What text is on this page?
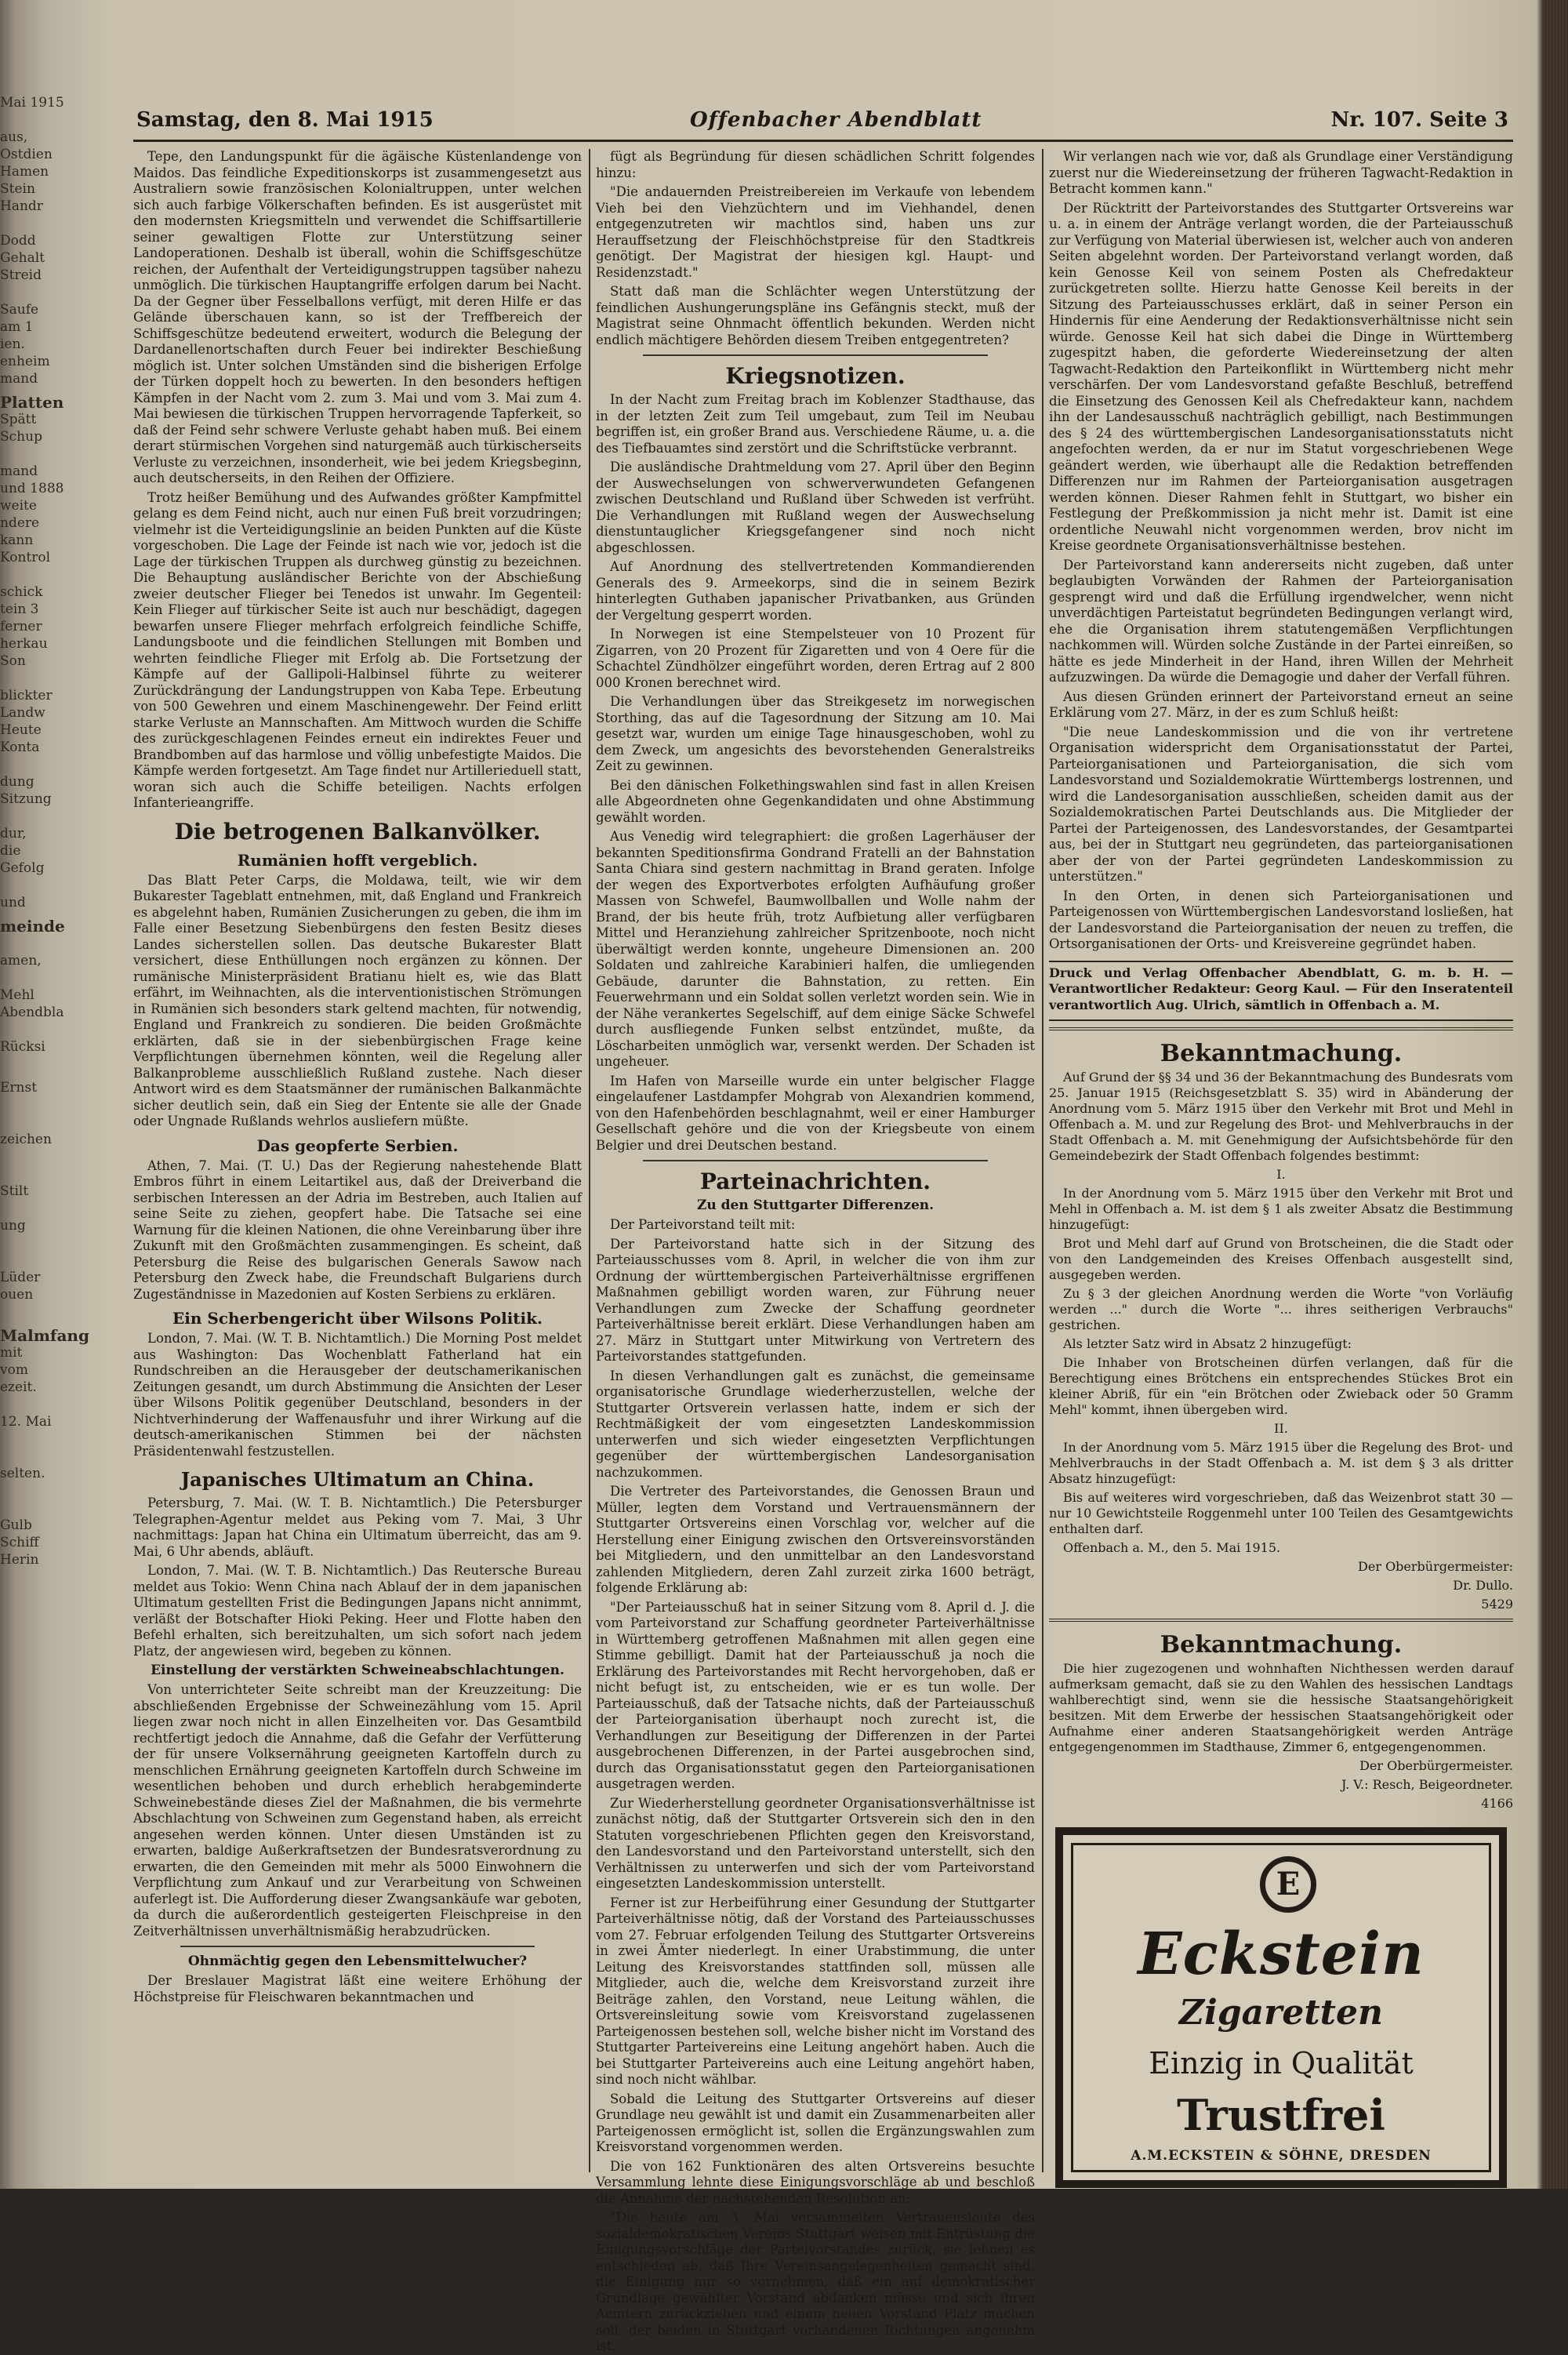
Mai 1915

aus,
Ostdien
Hamen
Stein
Handr

Dodd
Gehalt
Streid

Saufe
am 1
ien.
enheim
mand
Platten
Spätt
Schup

mand
und 1888
weite
ndere
kann
Kontrol

schick
tein 3
ferner
herkau
Son

blickter
Landw
Heute
Konta

dung
Sitzung

dur,
die
Gefolg

und
meinde

amen,

Mehl
Abendbla

Rücksi

Ernst

zeichen

Stilt

ung

Lüder
ouen

Malmfang
mit
vom
ezeit.

12. Mai

selten.

Gulb
Schiff
Herin
Samstag, den 8. Mai 1915	Offenbacher Abendblatt	Nr. 107. Seite 3

Tepe, den Landungspunkt für die ägäische Küstenlandenge von Maidos. Das feindliche Expeditionskorps ist zusammengesetzt aus Australiern sowie französischen Kolonialtruppen, unter welchen sich auch farbige Völkerschaften befinden. Es ist ausgerüstet mit den modernsten Kriegsmitteln und verwendet die Schiffsartillerie seiner gewaltigen Flotte zur Unterstützung seiner Landoperationen. Deshalb ist überall, wohin die Schiffsgeschütze reichen, der Aufenthalt der Verteidigungstruppen tagsüber nahezu unmöglich. Die türkischen Hauptangriffe erfolgen darum bei Nacht. Da der Gegner über Fesselballons verfügt, mit deren Hilfe er das Gelände überschauen kann, so ist der Treffbereich der Schiffsgeschütze bedeutend erweitert, wodurch die Belegung der Dardanellenortschaften durch Feuer bei indirekter Beschießung möglich ist. Unter solchen Umständen sind die bisherigen Erfolge der Türken doppelt hoch zu bewerten. In den besonders heftigen Kämpfen in der Nacht vom 2. zum 3. Mai und vom 3. Mai zum 4. Mai bewiesen die türkischen Truppen hervorragende Tapferkeit, so daß der Feind sehr schwere Verluste gehabt haben muß. Bei einem derart stürmischen Vorgehen sind naturgemäß auch türkischerseits Verluste zu verzeichnen, insonderheit, wie bei jedem Kriegsbeginn, auch deutscherseits, in den Reihen der Offiziere.

Trotz heißer Bemühung und des Aufwandes größter Kampfmittel gelang es dem Feind nicht, auch nur einen Fuß breit vorzudringen; vielmehr ist die Verteidigungslinie an beiden Punkten auf die Küste vorgeschoben. Die Lage der Feinde ist nach wie vor, jedoch ist die Lage der türkischen Truppen als durchweg günstig zu bezeichnen. Die Behauptung ausländischer Berichte von der Abschießung zweier deutscher Flieger bei Tenedos ist unwahr. Im Gegenteil: Kein Flieger auf türkischer Seite ist auch nur beschädigt, dagegen bewarfen unsere Flieger mehrfach erfolgreich feindliche Schiffe, Landungsboote und die feindlichen Stellungen mit Bomben und wehrten feindliche Flieger mit Erfolg ab. Die Fortsetzung der Kämpfe auf der Gallipoli-Halbinsel führte zu weiterer Zurückdrängung der Landungstruppen von Kaba Tepe. Erbeutung von 500 Gewehren und einem Maschinengewehr. Der Feind erlitt starke Verluste an Mannschaften. Am Mittwoch wurden die Schiffe des zurückgeschlagenen Feindes erneut ein indirektes Feuer und Brandbomben auf das harmlose und völlig unbefestigte Maidos. Die Kämpfe werden fortgesetzt. Am Tage findet nur Artillerieduell statt, woran sich auch die Schiffe beteiligen. Nachts erfolgen Infanterieangriffe.

Die betrogenen Balkanvölker.
Rumänien hofft vergeblich.

Das Blatt Peter Carps, die Moldawa, teilt, wie wir dem Bukarester Tageblatt entnehmen, mit, daß England und Frankreich es abgelehnt haben, Rumänien Zusicherungen zu geben, die ihm im Falle einer Besetzung Siebenbürgens den festen Besitz dieses Landes sicherstellen sollen. Das deutsche Bukarester Blatt versichert, diese Enthüllungen noch ergänzen zu können. Der rumänische Ministerpräsident Bratianu hielt es, wie das Blatt erfährt, im Weihnachten, als die interventionistischen Strömungen in Rumänien sich besonders stark geltend machten, für notwendig, England und Frankreich zu sondieren. Die beiden Großmächte erklärten, daß sie in der siebenbürgischen Frage keine Verpflichtungen übernehmen könnten, weil die Regelung aller Balkanprobleme ausschließlich Rußland zustehe. Nach dieser Antwort wird es dem Staatsmänner der rumänischen Balkanmächte sicher deutlich sein, daß ein Sieg der Entente sie alle der Gnade oder Ungnade Rußlands wehrlos ausliefern müßte.

Das geopferte Serbien.

Athen, 7. Mai. (T. U.) Das der Regierung nahestehende Blatt Embros führt in einem Leitartikel aus, daß der Dreiverband die serbischen Interessen an der Adria im Bestreben, auch Italien auf seine Seite zu ziehen, geopfert habe. Die Tatsache sei eine Warnung für die kleinen Nationen, die ohne Vereinbarung über ihre Zukunft mit den Großmächten zusammengingen. Es scheint, daß Petersburg die Reise des bulgarischen Generals Sawow nach Petersburg den Zweck habe, die Freundschaft Bulgariens durch Zugeständnisse in Mazedonien auf Kosten Serbiens zu erklären.

Ein Scherbengericht über Wilsons Politik.

London, 7. Mai. (W. T. B. Nichtamtlich.) Die Morning Post meldet aus Washington: Das Wochenblatt Fatherland hat ein Rundschreiben an die Herausgeber der deutschamerikanischen Zeitungen gesandt, um durch Abstimmung die Ansichten der Leser über Wilsons Politik gegenüber Deutschland, besonders in der Nichtverhinderung der Waffenausfuhr und ihrer Wirkung auf die deutsch-amerikanischen Stimmen bei der nächsten Präsidentenwahl festzustellen.

Japanisches Ultimatum an China.

Petersburg, 7. Mai. (W. T. B. Nichtamtlich.) Die Petersburger Telegraphen-Agentur meldet aus Peking vom 7. Mai, 3 Uhr nachmittags: Japan hat China ein Ultimatum überreicht, das am 9. Mai, 6 Uhr abends, abläuft.

London, 7. Mai. (W. T. B. Nichtamtlich.) Das Reutersche Bureau meldet aus Tokio: Wenn China nach Ablauf der in dem japanischen Ultimatum gestellten Frist die Bedingungen Japans nicht annimmt, verläßt der Botschafter Hioki Peking. Heer und Flotte haben den Befehl erhalten, sich bereitzuhalten, um sich sofort nach jedem Platz, der angewiesen wird, begeben zu können.

Einstellung der verstärkten Schweineabschlachtungen.

Von unterrichteter Seite schreibt man der Kreuzzeitung: Die abschließenden Ergebnisse der Schweinezählung vom 15. April liegen zwar noch nicht in allen Einzelheiten vor. Das Gesamtbild rechtfertigt jedoch die Annahme, daß die Gefahr der Verfütterung der für unsere Volksernährung geeigneten Kartoffeln durch zu menschlichen Ernährung geeigneten Kartoffeln durch Schweine im wesentlichen behoben und durch erheblich herabgeminderte Schweinebestände dieses Ziel der Maßnahmen, die bis vermehrte Abschlachtung von Schweinen zum Gegenstand haben, als erreicht angesehen werden können. Unter diesen Umständen ist zu erwarten, baldige Außerkraftsetzen der Bundesratsverordnung zu erwarten, die den Gemeinden mit mehr als 5000 Einwohnern die Verpflichtung zum Ankauf und zur Verarbeitung von Schweinen auferlegt ist. Die Aufforderung dieser Zwangsankäufe war geboten, da durch die außerordentlich gesteigerten Fleischpreise in den Zeitverhältnissen unverhältnismäßig herabzudrücken.

Ohnmächtig gegen den Lebensmittelwucher?

Der Breslauer Magistrat läßt eine weitere Erhöhung der Höchstpreise für Fleischwaren bekanntmachen und

fügt als Begründung für diesen schädlichen Schritt folgendes hinzu:

"Die andauernden Preistreibereien im Verkaufe von lebendem Vieh bei den Viehzüchtern und im Viehhandel, denen entgegenzutreten wir machtlos sind, haben uns zur Herauffsetzung der Fleischhöchstpreise für den Stadtkreis genötigt. Der Magistrat der hiesigen kgl. Haupt- und Residenzstadt."

Statt daß man die Schlächter wegen Unterstützung der feindlichen Aushungerungspläne ins Gefängnis steckt, muß der Magistrat seine Ohnmacht öffentlich bekunden. Werden nicht endlich mächtigere Behörden diesem Treiben entgegentreten?

Kriegsnotizen.

In der Nacht zum Freitag brach im Koblenzer Stadthause, das in der letzten Zeit zum Teil umgebaut, zum Teil im Neubau begriffen ist, ein großer Brand aus. Verschiedene Räume, u. a. die des Tiefbauamtes sind zerstört und die Schriftstücke verbrannt.

Die ausländische Drahtmeldung vom 27. April über den Beginn der Auswechselungen von schwerverwundeten Gefangenen zwischen Deutschland und Rußland über Schweden ist verfrüht. Die Verhandlungen mit Rußland wegen der Auswechselung dienstuntauglicher Kriegsgefangener sind noch nicht abgeschlossen.

Auf Anordnung des stellvertretenden Kommandierenden Generals des 9. Armeekorps, sind die in seinem Bezirk hinterlegten Guthaben japanischer Privatbanken, aus Gründen der Vergeltung gesperrt worden.

In Norwegen ist eine Stempelsteuer von 10 Prozent für Zigarren, von 20 Prozent für Zigaretten und von 4 Oere für die Schachtel Zündhölzer eingeführt worden, deren Ertrag auf 2 800 000 Kronen berechnet wird.

Die Verhandlungen über das Streikgesetz im norwegischen Storthing, das auf die Tagesordnung der Sitzung am 10. Mai gesetzt war, wurden um einige Tage hinausgeschoben, wohl zu dem Zweck, um angesichts des bevorstehenden Generalstreiks Zeit zu gewinnen.

Bei den dänischen Folkethingswahlen sind fast in allen Kreisen alle Abgeordneten ohne Gegenkandidaten und ohne Abstimmung gewählt worden.

Aus Venedig wird telegraphiert: die großen Lagerhäuser der bekannten Speditionsfirma Gondrand Fratelli an der Bahnstation Santa Chiara sind gestern nachmittag in Brand geraten. Infolge der wegen des Exportverbotes erfolgten Aufhäufung großer Massen von Schwefel, Baumwollballen und Wolle nahm der Brand, der bis heute früh, trotz Aufbietung aller verfügbaren Mittel und Heranziehung zahlreicher Spritzenboote, noch nicht überwältigt werden konnte, ungeheure Dimensionen an. 200 Soldaten und zahlreiche Karabinieri halfen, die umliegenden Gebäude, darunter die Bahnstation, zu retten. Ein Feuerwehrmann und ein Soldat sollen verletzt worden sein. Wie in der Nähe verankertes Segelschiff, auf dem einige Säcke Schwefel durch ausfliegende Funken selbst entzündet, mußte, da Löscharbeiten unmöglich war, versenkt werden. Der Schaden ist ungeheuer.

Im Hafen von Marseille wurde ein unter belgischer Flagge eingelaufener Lastdampfer Mohgrab von Alexandrien kommend, von den Hafenbehörden beschlagnahmt, weil er einer Hamburger Gesellschaft gehöre und die von der Kriegsbeute von einem Belgier und drei Deutschen bestand.

Parteinachrichten.
Zu den Stuttgarter Differenzen.

Der Parteivorstand teilt mit:

Der Parteivorstand hatte sich in der Sitzung des Parteiausschusses vom 8. April, in welcher die von ihm zur Ordnung der württembergischen Parteiverhältnisse ergriffenen Maßnahmen gebilligt worden waren, zur Führung neuer Verhandlungen zum Zwecke der Schaffung geordneter Parteiverhältnisse bereit erklärt. Diese Verhandlungen haben am 27. März in Stuttgart unter Mitwirkung von Vertretern des Parteivorstandes stattgefunden.

In diesen Verhandlungen galt es zunächst, die gemeinsame organisatorische Grundlage wiederherzustellen, welche der Stuttgarter Ortsverein verlassen hatte, indem er sich der Rechtmäßigkeit der vom eingesetzten Landeskommission unterwerfen und sich wieder eingesetzten Verpflichtungen gegenüber der württembergischen Landesorganisation nachzukommen.

Die Vertreter des Parteivorstandes, die Genossen Braun und Müller, legten dem Vorstand und Vertrauensmännern der Stuttgarter Ortsvereins einen Vorschlag vor, welcher auf die Herstellung einer Einigung zwischen den Ortsvereinsvorständen bei Mitgliedern, und den unmittelbar an den Landesvorstand zahlenden Mitgliedern, deren Zahl zurzeit zirka 1600 beträgt, folgende Erklärung ab:

"Der Parteiausschuß hat in seiner Sitzung vom 8. April d. J. die vom Parteivorstand zur Schaffung geordneter Parteiverhältnisse in Württemberg getroffenen Maßnahmen mit allen gegen eine Stimme gebilligt. Damit hat der Parteiausschuß ja noch die Erklärung des Parteivorstandes mit Recht hervorgehoben, daß er nicht befugt ist, zu entscheiden, wie er es tun wolle. Der Parteiausschuß, daß der Tatsache nichts, daß der Parteiausschuß der Parteiorganisation überhaupt noch zurecht ist, die Verhandlungen zur Beseitigung der Differenzen in der Partei ausgebrochenen Differenzen, in der Partei ausgebrochen sind, durch das Organisationsstatut gegen den Parteiorganisationen ausgetragen werden.

Zur Wiederherstellung geordneter Organisationsverhältnisse ist zunächst nötig, daß der Stuttgarter Ortsverein sich den in den Statuten vorgeschriebenen Pflichten gegen den Kreisvorstand, den Landesvorstand und den Parteivorstand unterstellt, sich den Verhältnissen zu unterwerfen und sich der vom Parteivorstand eingesetzten Landeskommission unterstellt.

Ferner ist zur Herbeiführung einer Gesundung der Stuttgarter Parteiverhältnisse nötig, daß der Vorstand des Parteiausschusses vom 27. Februar erfolgenden Teilung des Stuttgarter Ortsvereins in zwei Ämter niederlegt. In einer Urabstimmung, die unter Leitung des Kreisvorstandes stattfinden soll, müssen alle Mitglieder, auch die, welche dem Kreisvorstand zurzeit ihre Beiträge zahlen, den Vorstand, neue Leitung wählen, die Ortsvereinsleitung sowie vom Kreisvorstand zugelassenen Parteigenossen bestehen soll, welche bisher nicht im Vorstand des Stuttgarter Parteivereins eine Leitung angehört haben. Auch die bei Stuttgarter Parteivereins auch eine Leitung angehört haben, sind noch nicht wählbar.

Sobald die Leitung des Stuttgarter Ortsvereins auf dieser Grundlage neu gewählt ist und damit ein Zusammenarbeiten aller Parteigenossen ermöglicht ist, sollen die Ergänzungswahlen zum Kreisvorstand vorgenommen werden.

Die von 162 Funktionären des alten Ortsvereins besuchte Versammlung lehnte diese Einigungsvorschläge ab und beschloß die Annahme der nachstehenden Resolution an:

"Die heute am 3. Mai versammelten Vertrauensleute des sozialdemokratischen Vereins Stuttgart weisen mit Entrüstung die Einigungsvorschläge der Parteivorstandes zurück, sie lehnen es entschieden ab, daß Ihre Vereinsangelegenheiten gemacht sind, die Einigung nur so vornehmen, daß ein auf demokratischer Grundlage gewählter Vorstand abdanken müsse und sich ihren Aemtern zurückziehen und einem neuen Vorstand Platz machen soll, der beiden in Stuttgart vorhandenen Richtungen angenehm ist.

Wir verlangen nach wie vor, daß als Grundlage einer Verständigung zuerst nur die Wiedereinsetzung der früheren Tagwacht-Redaktion in Betracht kommen kann."

Der Rücktritt der Parteivorstandes des Stuttgarter Ortsvereins war u. a. in einem der Anträge verlangt worden, die der Parteiausschuß zur Verfügung von Material überwiesen ist, welcher auch von anderen Seiten abgelehnt worden. Der Parteivorstand verlangt worden, daß kein Genosse Keil von seinem Posten als Chefredakteur zurückgetreten sollte. Hierzu hatte Genosse Keil bereits in der Sitzung des Parteiausschusses erklärt, daß in seiner Person ein Hindernis für eine Aenderung der Redaktionsverhältnisse nicht sein würde. Genosse Keil hat sich dabei die Dinge in Württemberg zugespitzt haben, die geforderte Wiedereinsetzung der alten Tagwacht-Redaktion den Parteikonflikt in Württemberg nicht mehr verschärfen. Der vom Landesvorstand gefaßte Beschluß, betreffend die Einsetzung des Genossen Keil als Chefredakteur kann, nachdem ihn der Landesausschuß nachträglich gebilligt, nach Bestimmungen des § 24 des württembergischen Landesorganisationsstatuts nicht angefochten werden, da er nur im Statut vorgeschriebenen Wege geändert werden, wie überhaupt alle die Redaktion betreffenden Differenzen nur im Rahmen der Parteiorganisation ausgetragen werden können. Dieser Rahmen fehlt in Stuttgart, wo bisher ein Festlegung der Preßkommission ja nicht mehr ist. Damit ist eine ordentliche Neuwahl nicht vorgenommen werden, brov nicht im Kreise geordnete Organisationsverhältnisse bestehen.

Der Parteivorstand kann andererseits nicht zugeben, daß unter beglaubigten Vorwänden der Rahmen der Parteiorganisation gesprengt wird und daß die Erfüllung irgendwelcher, wenn nicht unverdächtigen Parteistatut begründeten Bedingungen verlangt wird, ehe die Organisation ihrem statutengemäßen Verpflichtungen nachkommen will. Würden solche Zustände in der Partei einreißen, so hätte es jede Minderheit in der Hand, ihren Willen der Mehrheit aufzuzwingen. Da würde die Demagogie und daher der Verfall führen.

Aus diesen Gründen erinnert der Parteivorstand erneut an seine Erklärung vom 27. März, in der es zum Schluß heißt:

"Die neue Landeskommission und die von ihr vertretene Organisation widerspricht dem Organisationsstatut der Partei, Parteiorganisationen und Parteiorganisation, die sich vom Landesvorstand und Sozialdemokratie Württembergs lostrennen, und wird die Landesorganisation ausschließen, scheiden damit aus der Sozialdemokratischen Partei Deutschlands aus. Die Mitglieder der Partei der Parteigenossen, des Landesvorstandes, der Gesamtpartei aus, bei der in Stuttgart neu gegründeten, das parteiorganisationen aber der von der Partei gegründeten Landeskommission zu unterstützen."

In den Orten, in denen sich Parteiorganisationen und Parteigenossen von Württembergischen Landesvorstand losließen, hat der Landesvorstand die Parteiorganisation der neuen zu treffen, die Ortsorganisationen der Orts- und Kreisvereine gegründet haben.

Druck und Verlag Offenbacher Abendblatt, G. m. b. H. — Verantwortlicher Redakteur: Georg Kaul. — Für den Inseratenteil verantwortlich Aug. Ulrich, sämtlich in Offenbach a. M.

Bekanntmachung.

Auf Grund der §§ 34 und 36 der Bekanntmachung des Bundesrats vom 25. Januar 1915 (Reichsgesetzblatt S. 35) wird in Abänderung der Anordnung vom 5. März 1915 über den Verkehr mit Brot und Mehl in Offenbach a. M. und zur Regelung des Brot- und Mehlverbrauchs in der Stadt Offenbach a. M. mit Genehmigung der Aufsichtsbehörde für den Gemeindebezirk der Stadt Offenbach folgendes bestimmt:

I.

In der Anordnung vom 5. März 1915 über den Verkehr mit Brot und Mehl in Offenbach a. M. ist dem § 1 als zweiter Absatz die Bestimmung hinzugefügt:

Brot und Mehl darf auf Grund von Brotscheinen, die die Stadt oder von den Landgemeinden des Kreises Offenbach ausgestellt sind, ausgegeben werden.

Zu § 3 der gleichen Anordnung werden die Worte "von Vorläufig werden ..." durch die Worte "... ihres seitherigen Verbrauchs" gestrichen.

Als letzter Satz wird in Absatz 2 hinzugefügt:

Die Inhaber von Brotscheinen dürfen verlangen, daß für die Berechtigung eines Brötchens ein entsprechendes Stückes Brot ein kleiner Abriß, für ein "ein Brötchen oder Zwieback oder 50 Gramm Mehl" kommt, ihnen übergeben wird.

II.

In der Anordnung vom 5. März 1915 über die Regelung des Brot- und Mehlverbrauchs in der Stadt Offenbach a. M. ist dem § 3 als dritter Absatz hinzugefügt:

Bis auf weiteres wird vorgeschrieben, daß das Weizenbrot statt 30 — nur 10 Gewichtsteile Roggenmehl unter 100 Teilen des Gesamtgewichts enthalten darf.

Offenbach a. M., den 5. Mai 1915.

Der Oberbürgermeister:

Dr. Dullo.

5429

Bekanntmachung.

Die hier zugezogenen und wohnhaften Nichthessen werden darauf aufmerksam gemacht, daß sie zu den Wahlen des hessischen Landtags wahlberechtigt sind, wenn sie die hessische Staatsangehörigkeit besitzen. Mit dem Erwerbe der hessischen Staatsangehörigkeit oder Aufnahme einer anderen Staatsangehörigkeit werden Anträge entgegengenommen im Stadthause, Zimmer 6, entgegengenommen.

Der Oberbürgermeister.

J. V.: Resch, Beigeordneter.

4166

E
Eckstein
Zigaretten
Einzig in Qualität
Trustfrei
A.M.ECKSTEIN & SÖHNE, DRESDEN
